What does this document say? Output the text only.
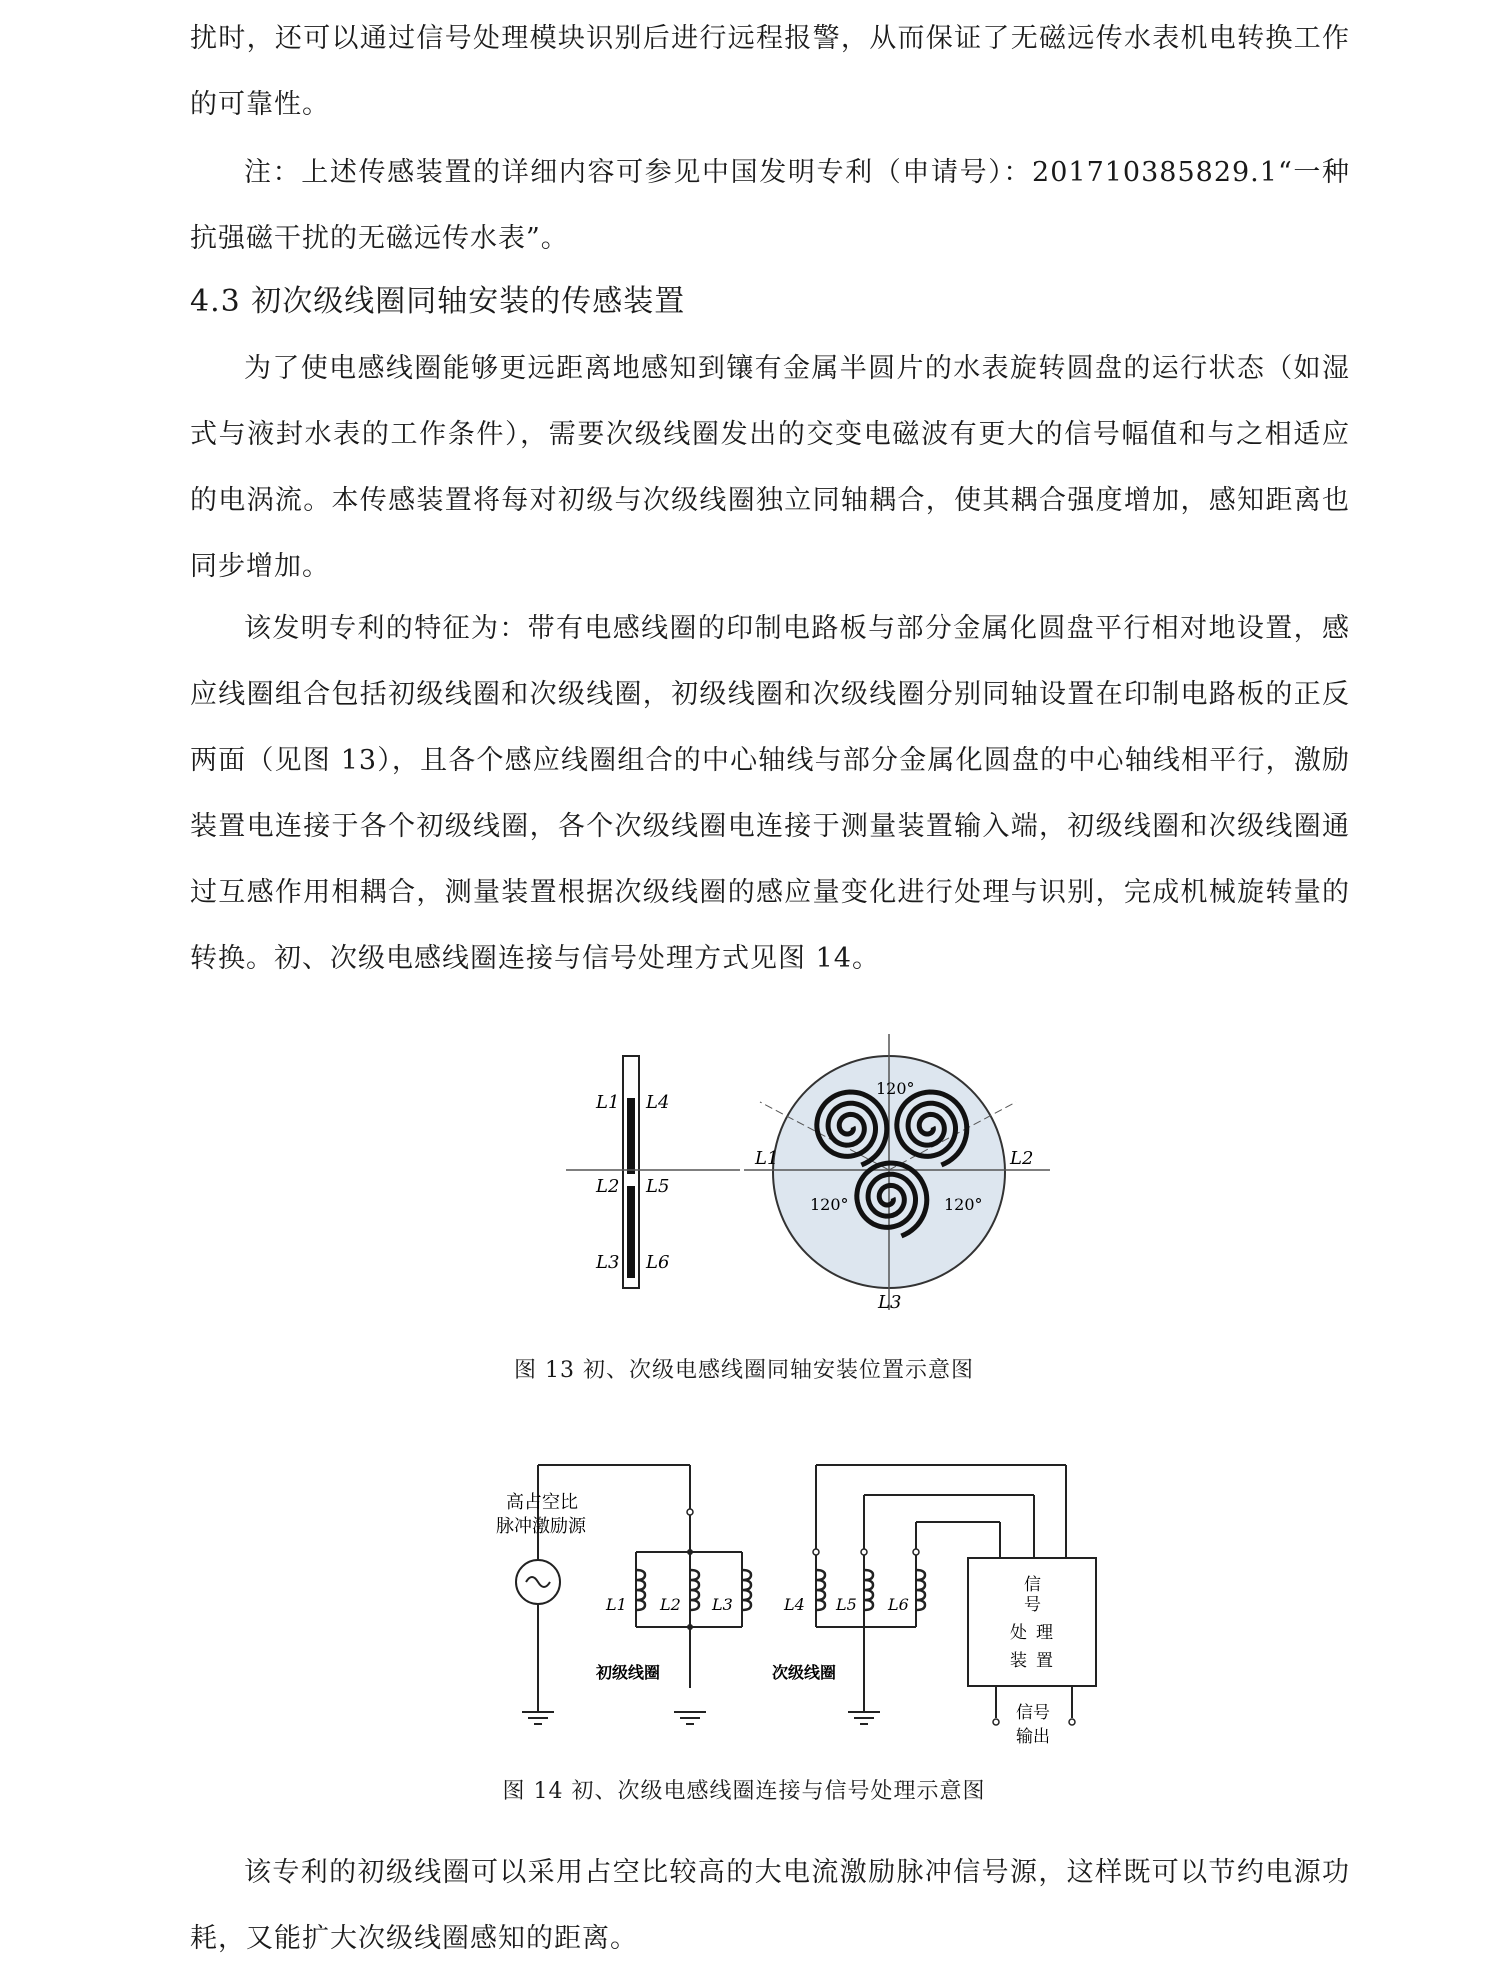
扰时，还可以通过信号处理模块识别后进行远程报警，从而保证了无磁远传水表机电转换工作的可靠性。

注：上述传感装置的详细内容可参见中国发明专利（申请号）：201710385829.1“一种抗强磁干扰的无磁远传水表”。

4.3 初次级线圈同轴安装的传感装置

为了使电感线圈能够更远距离地感知到镶有金属半圆片的水表旋转圆盘的运行状态（如湿式与液封水表的工作条件），需要次级线圈发出的交变电磁波有更大的信号幅值和与之相适应的电涡流。本传感装置将每对初级与次级线圈独立同轴耦合，使其耦合强度增加，感知距离也同步增加。

该发明专利的特征为：带有电感线圈的印制电路板与部分金属化圆盘平行相对地设置，感应线圈组合包括初级线圈和次级线圈，初级线圈和次级线圈分别同轴设置在印制电路板的正反两面（见图 13），且各个感应线圈组合的中心轴线与部分金属化圆盘的中心轴线相平行，激励装置电连接于各个初级线圈，各个次级线圈电连接于测量装置输入端，初级线圈和次级线圈通过互感作用相耦合，测量装置根据次级线圈的感应量变化进行处理与识别，完成机械旋转量的转换。初、次级电感线圈连接与信号处理方式见图 14。

L1
L2
L3
L4
L5
L6
120°
120°	120°
L1	L2
L3
图 13 初、次级电感线圈同轴安装位置示意图
高占空比
脉冲激励源
L1 L2 L3	L4 L5 L6
初级线圈	次级线圈
信
号
处 理
装 置
信号
输出
图 14 初、次级电感线圈连接与信号处理示意图

该专利的初级线圈可以采用占空比较高的大电流激励脉冲信号源，这样既可以节约电源功耗，又能扩大次级线圈感知的距离。
